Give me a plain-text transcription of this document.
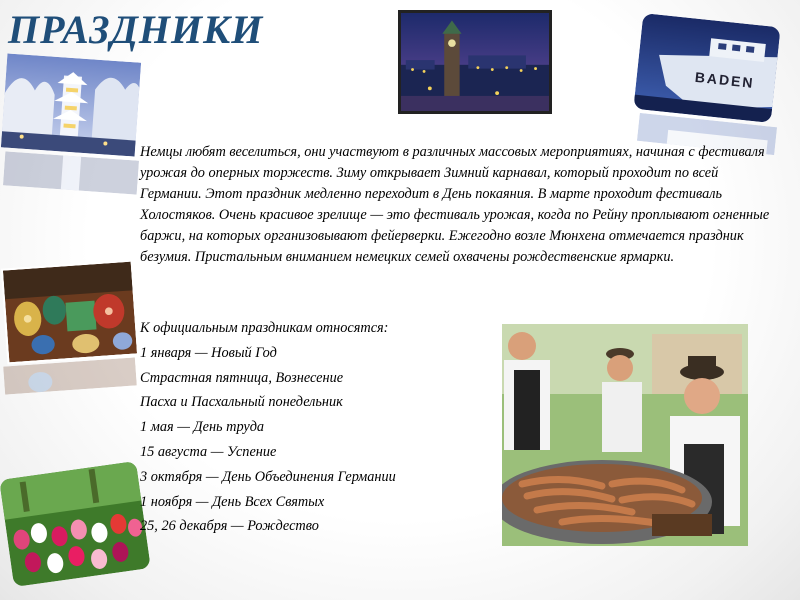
ПРАЗДНИКИ
BADEN

Немцы любят веселиться, они участвуют в различных массовых мероприятиях, начиная с фестиваля урожая до оперных торжеств. Зиму открывает Зимний карнавал, который проходит по всей Германии. Этот праздник медленно переходит в День покаяния. В марте проходит фестиваль Холостяков. Очень красивое зрелище — это фестиваль урожая, когда по Рейну проплывают огненные баржи, на которых организовывают фейерверки. Ежегодно возле Мюнхена отмечается праздник безумия. Пристальным вниманием немецких семей охвачены рождественские ярмарки.

К официальным праздникам относятся:
1 января — Новый Год
Страстная пятница, Вознесение
Пасха и Пасхальный понедельник
1 мая — День труда
15 августа — Успение
3 октября — День Объединения Германии
1 ноября — День Всех Святых
25, 26 декабря — Рождество
